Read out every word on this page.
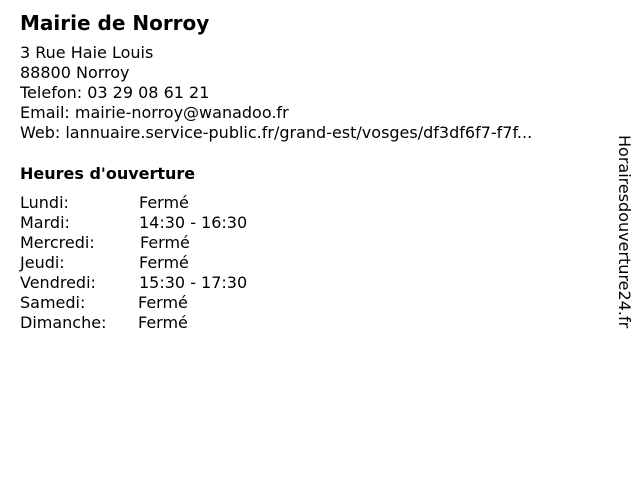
Mairie de Norroy
3 Rue Haie Louis
88800 Norroy
Telefon: 03 29 08 61 21
Email: mairie-norroy@wanadoo.fr
Web: lannuaire.service-public.fr/grand-est/vosges/df3df6f7-f7f...
Heures d'ouverture
Lundi:	Fermé
Mardi:	14:30 - 16:30
Mercredi:	Fermé
Jeudi:	Fermé
Vendredi:	15:30 - 17:30
Samedi:	Fermé
Dimanche: Fermé	Horairesdouverture24.fr
